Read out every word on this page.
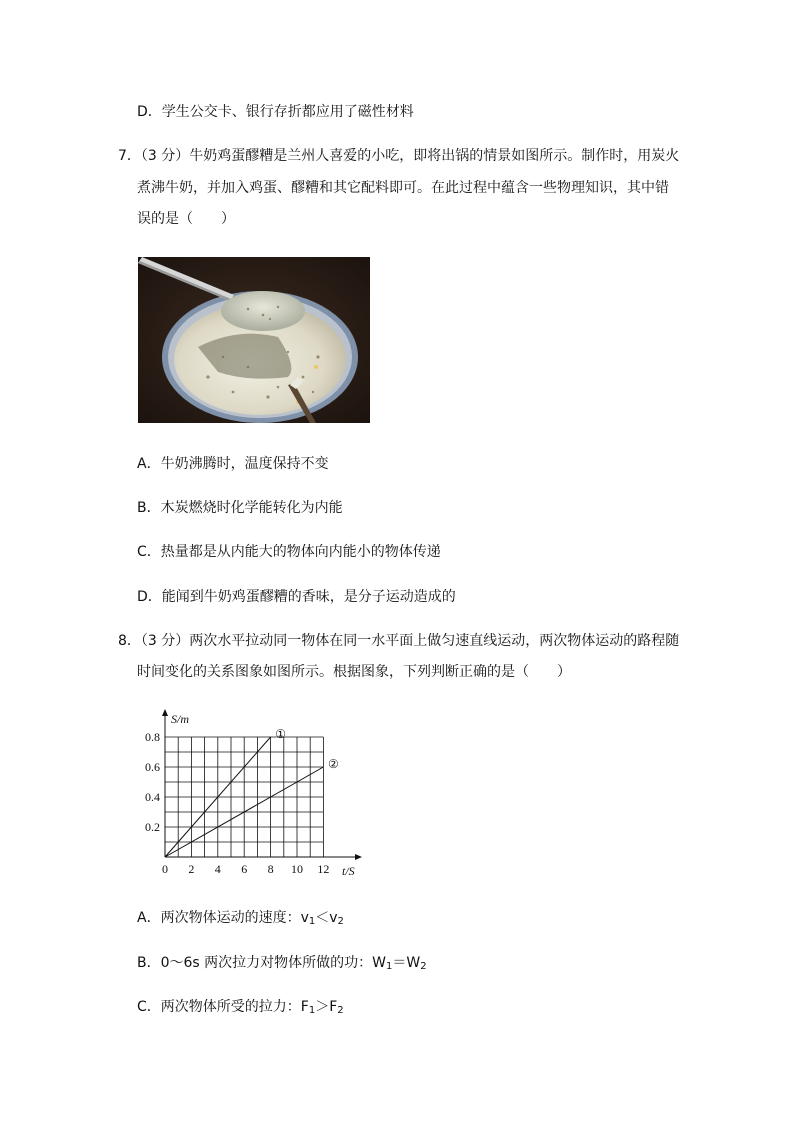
D．学生公交卡、银行存折都应用了磁性材料
7．（3 分）牛奶鸡蛋醪糟是兰州人喜爱的小吃，即将出锅的情景如图所示。制作时，用炭火
煮沸牛奶，并加入鸡蛋、醪糟和其它配料即可。在此过程中蕴含一些物理知识，其中错
误的是（　　）
A．牛奶沸腾时，温度保持不变
B．木炭燃烧时化学能转化为内能
C．热量都是从内能大的物体向内能小的物体传递
D．能闻到牛奶鸡蛋醪糟的香味，是分子运动造成的
8．（3 分）两次水平拉动同一物体在同一水平面上做匀速直线运动，两次物体运动的路程随
时间变化的关系图象如图所示。根据图象，下列判断正确的是（　　）
①
②
S/m
t/S
0 2 4 6 8 10 12
0.2
0.4
0.6
0.8
A．两次物体运动的速度：$v_1<v_2$
B．0～6s 两次拉力对物体所做的功：$W_1=W_2$
C．两次物体所受的拉力：$F_1>F_2$
